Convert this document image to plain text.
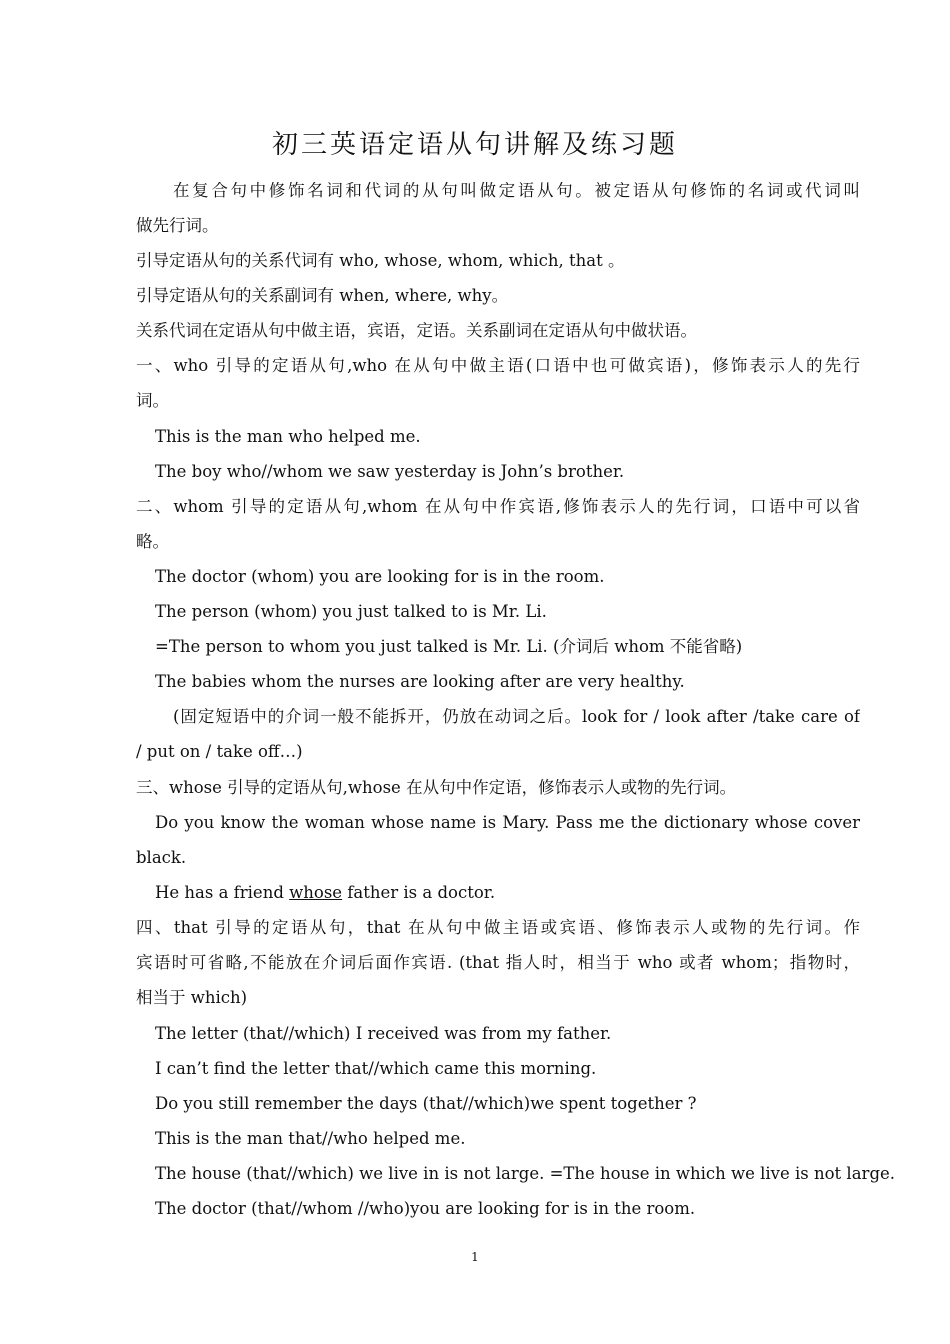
初三英语定语从句讲解及练习题
在复合句中修饰名词和代词的从句叫做定语从句。被定语从句修饰的名词或代词叫
做先行词。
引导定语从句的关系代词有 who, whose, whom, which, that 。
引导定语从句的关系副词有 when, where, why。
关系代词在定语从句中做主语，宾语，定语。关系副词在定语从句中做状语。
一、who 引导的定语从句,who 在从句中做主语(口语中也可做宾语)，修饰表示人的先行
词。
This is the man who helped me.
The boy who//whom we saw yesterday is John’s brother.
二、whom 引导的定语从句,whom 在从句中作宾语,修饰表示人的先行词，口语中可以省
略。
The doctor (whom) you are looking for is in the room.
The person (whom) you just talked to is Mr. Li.
=The person to whom you just talked is Mr. Li. (介词后 whom 不能省略)
The babies whom the nurses are looking after are very healthy.
(固定短语中的介词一般不能拆开，仍放在动词之后。look for / look after /take care of
/ put on / take off…)
三、whose 引导的定语从句,whose 在从句中作定语，修饰表示人或物的先行词。
Do you know the woman whose name is Mary. Pass me the dictionary whose cover
black.
He has a friend whose father is a doctor.
四、that 引导的定语从句，that 在从句中做主语或宾语、修饰表示人或物的先行词。作
宾语时可省略,不能放在介词后面作宾语. (that 指人时，相当于 who 或者 whom；指物时，
相当于 which)
The letter (that//which) I received was from my father.
I can’t find the letter that//which came this morning.
Do you still remember the days (that//which)we spent together ?
This is the man that//who helped me.
The house (that//which) we live in is not large. =The house in which we live is not large.
The doctor (that//whom //who)you are looking for is in the room.
1
